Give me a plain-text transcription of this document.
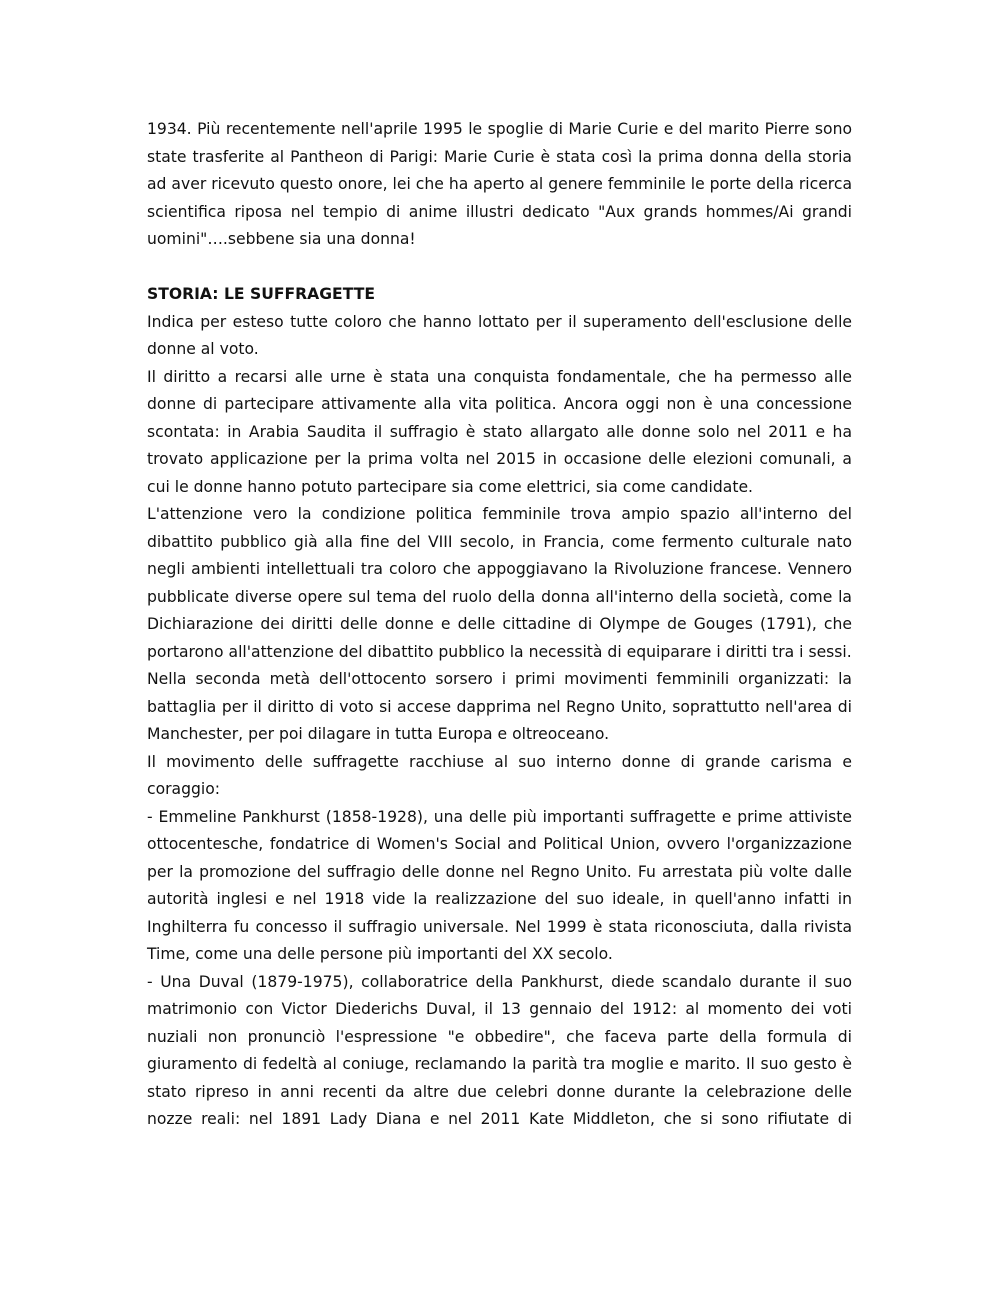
1934. Più recentemente nell'aprile 1995 le spoglie di Marie Curie e del marito Pierre sono state trasferite al Pantheon di Parigi: Marie Curie è stata così la prima donna della storia ad aver ricevuto questo onore, lei che ha aperto al genere femminile le porte della ricerca scientifica riposa nel tempio di anime illustri dedicato "Aux grands hommes/Ai grandi uomini"….sebbene sia una donna!

STORIA: LE SUFFRAGETTE

Indica per esteso tutte coloro che hanno lottato per il superamento dell'esclusione delle donne al voto.

Il diritto a recarsi alle urne è stata una conquista fondamentale, che ha permesso alle donne di partecipare attivamente alla vita politica. Ancora oggi non è una concessione scontata: in Arabia Saudita il suffragio è stato allargato alle donne solo nel 2011 e ha trovato applicazione per la prima volta nel 2015 in occasione delle elezioni comunali, a cui le donne hanno potuto partecipare sia come elettrici, sia come candidate.

L'attenzione vero la condizione politica femminile trova ampio spazio all'interno del dibattito pubblico già alla fine del VIII secolo, in Francia, come fermento culturale nato negli ambienti intellettuali tra coloro che appoggiavano la Rivoluzione francese. Vennero pubblicate diverse opere sul tema del ruolo della donna all'interno della società, come la Dichiarazione dei diritti delle donne e delle cittadine di Olympe de Gouges (1791), che portarono all'attenzione del dibattito pubblico la necessità di equiparare i diritti tra i sessi.

Nella seconda metà dell'ottocento sorsero i primi movimenti femminili organizzati: la battaglia per il diritto di voto si accese dapprima nel Regno Unito, soprattutto nell'area di Manchester, per poi dilagare in tutta Europa e oltreoceano.

Il movimento delle suffragette racchiuse al suo interno donne di grande carisma e coraggio:

- Emmeline Pankhurst (1858-1928), una delle più importanti suffragette e prime attiviste ottocentesche, fondatrice di Women's Social and Political Union, ovvero l'organizzazione per la promozione del suffragio delle donne nel Regno Unito. Fu arrestata più volte dalle autorità inglesi e nel 1918 vide la realizzazione del suo ideale, in quell'anno infatti in Inghilterra fu concesso il suffragio universale. Nel 1999 è stata riconosciuta, dalla rivista Time, come una delle persone più importanti del XX secolo.

- Una Duval (1879-1975), collaboratrice della Pankhurst, diede scandalo durante il suo matrimonio con Victor Diederichs Duval, il 13 gennaio del 1912: al momento dei voti nuziali non pronunciò l'espressione "e obbedire", che faceva parte della formula di giuramento di fedeltà al coniuge, reclamando la parità tra moglie e marito. Il suo gesto è stato ripreso in anni recenti da altre due celebri donne durante la celebrazione delle nozze reali: nel 1891 Lady Diana e nel 2011 Kate Middleton, che si sono rifiutate di
